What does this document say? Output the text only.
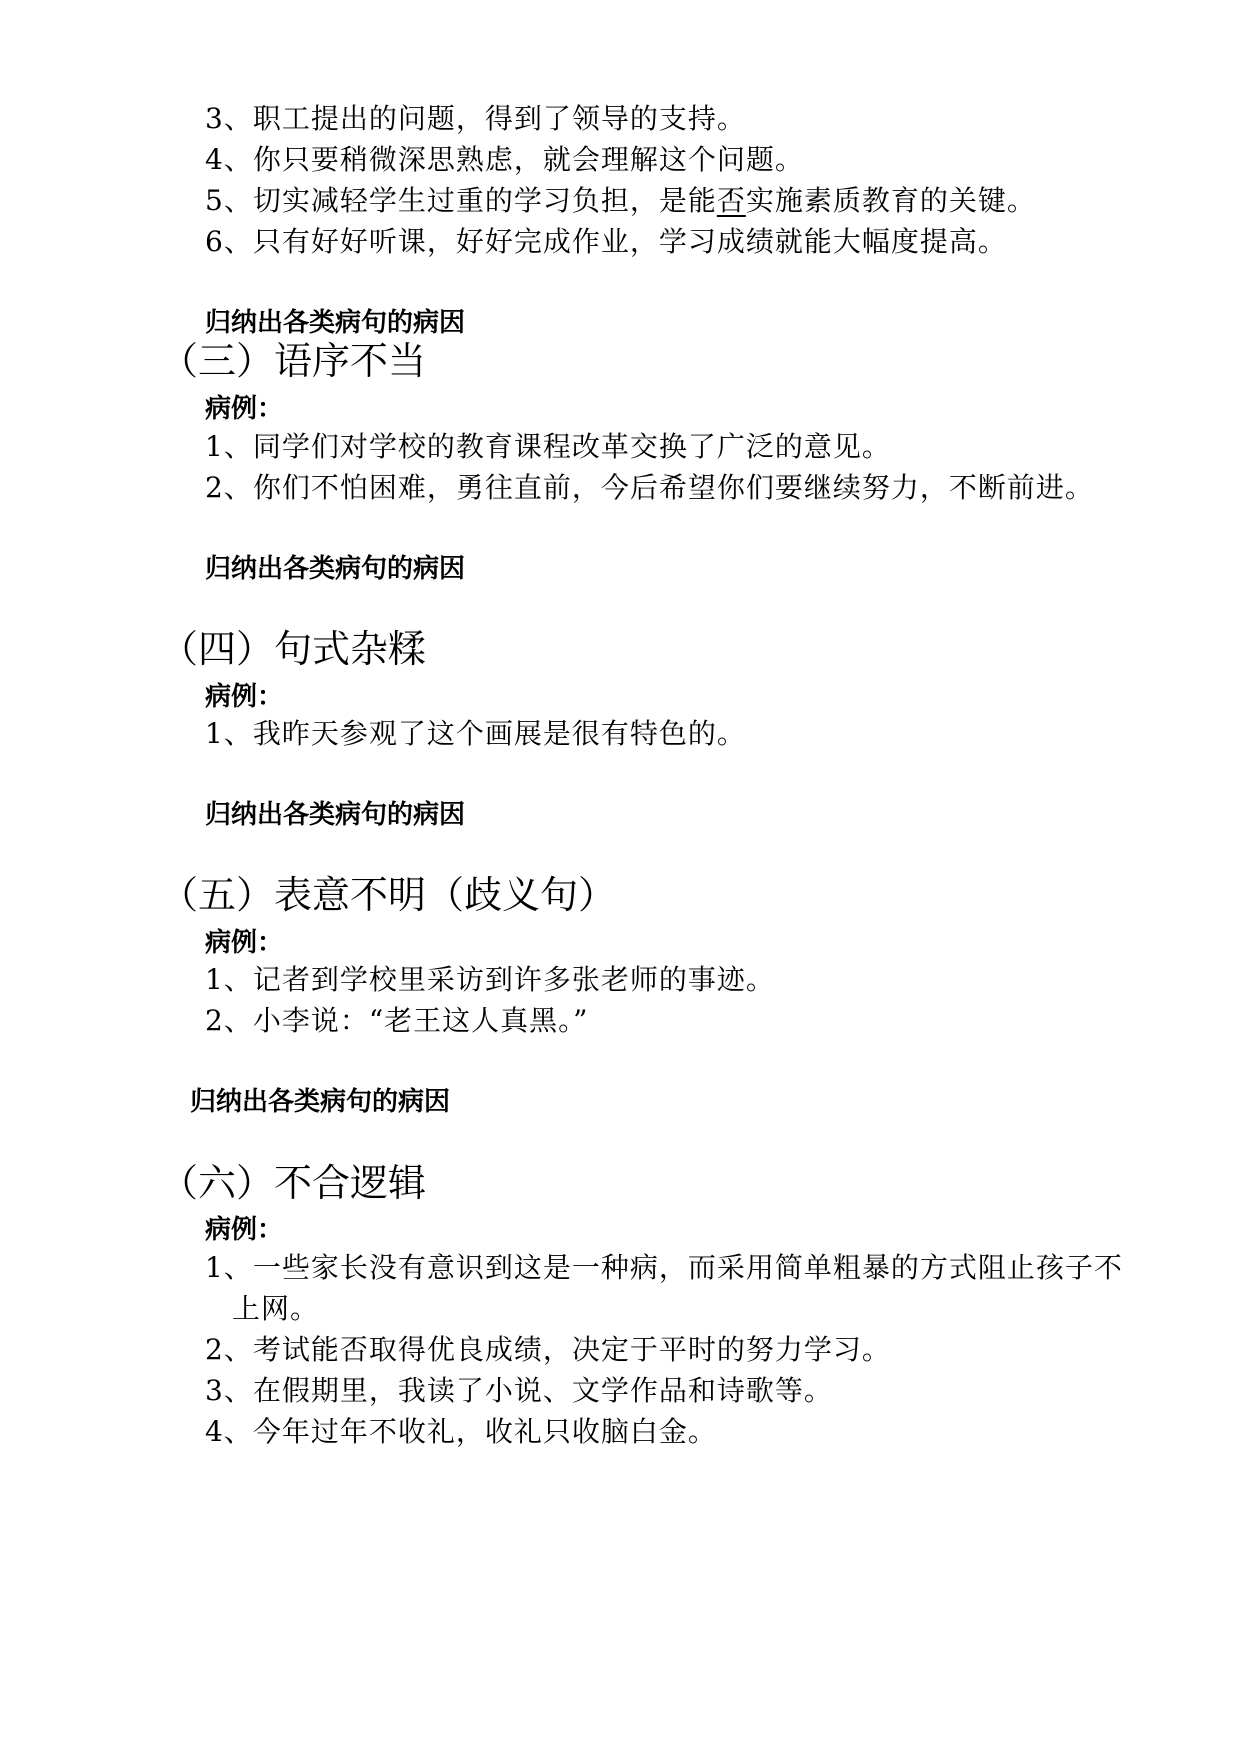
3、职工提出的问题，得到了领导的支持。
4、你只要稍微深思熟虑，就会理解这个问题。
5、切实减轻学生过重的学习负担，是能否实施素质教育的关键。
6、只有好好听课，好好完成作业，学习成绩就能大幅度提高。
归纳出各类病句的病因
（三）语序不当
病例：
1、同学们对学校的教育课程改革交换了广泛的意见。
2、你们不怕困难，勇往直前，今后希望你们要继续努力，不断前进。
归纳出各类病句的病因
（四）句式杂糅
病例：
1、我昨天参观了这个画展是很有特色的。
归纳出各类病句的病因
（五）表意不明（歧义句）
病例：
1、记者到学校里采访到许多张老师的事迹。
2、小李说：“老王这人真黑。”
归纳出各类病句的病因
（六）不合逻辑
病例：
1、一些家长没有意识到这是一种病，而采用简单粗暴的方式阻止孩子不
上网。
2、考试能否取得优良成绩，决定于平时的努力学习。
3、在假期里，我读了小说、文学作品和诗歌等。
4、今年过年不收礼，收礼只收脑白金。
